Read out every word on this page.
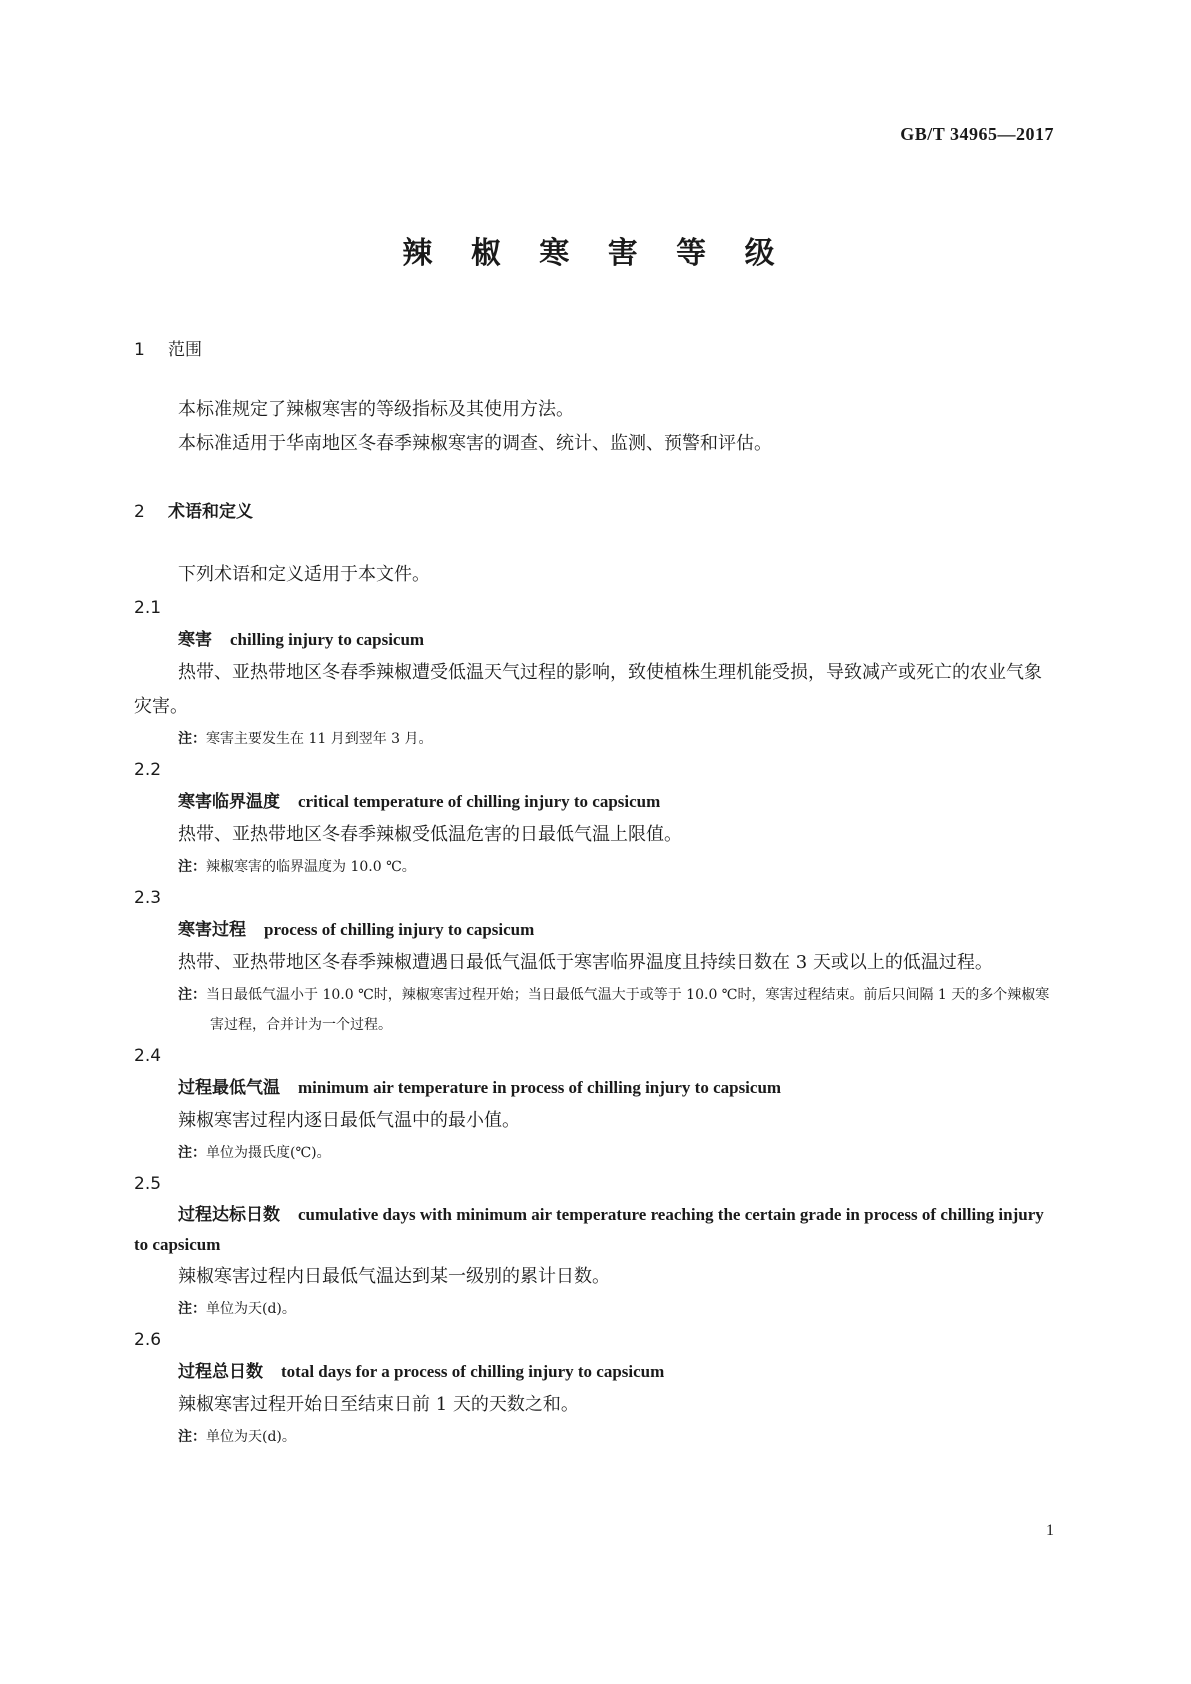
GB/T 34965—2017
辣 椒 寒 害 等 级

1 范围

本标准规定了辣椒寒害的等级指标及其使用方法。

本标准适用于华南地区冬春季辣椒寒害的调查、统计、监测、预警和评估。

2 术语和定义

下列术语和定义适用于本文件。

2.1

寒害 chilling injury to capsicum

热带、亚热带地区冬春季辣椒遭受低温天气过程的影响，致使植株生理机能受损，导致减产或死亡的农业气象灾害。

注：寒害主要发生在 11 月到翌年 3 月。

2.2

寒害临界温度 critical temperature of chilling injury to capsicum

热带、亚热带地区冬春季辣椒受低温危害的日最低气温上限值。

注：辣椒寒害的临界温度为 10.0 ℃。

2.3

寒害过程 process of chilling injury to capsicum

热带、亚热带地区冬春季辣椒遭遇日最低气温低于寒害临界温度且持续日数在 3 天或以上的低温过程。

注：当日最低气温小于 10.0 ℃时，辣椒寒害过程开始；当日最低气温大于或等于 10.0 ℃时，寒害过程结束。前后只间隔 1 天的多个辣椒寒害过程，合并计为一个过程。

2.4

过程最低气温 minimum air temperature in process of chilling injury to capsicum

辣椒寒害过程内逐日最低气温中的最小值。

注：单位为摄氏度(℃)。

2.5

过程达标日数 cumulative days with minimum air temperature reaching the certain grade in process of chilling injury to capsicum

辣椒寒害过程内日最低气温达到某一级别的累计日数。

注：单位为天(d)。

2.6

过程总日数 total days for a process of chilling injury to capsicum

辣椒寒害过程开始日至结束日前 1 天的天数之和。

注：单位为天(d)。

1
